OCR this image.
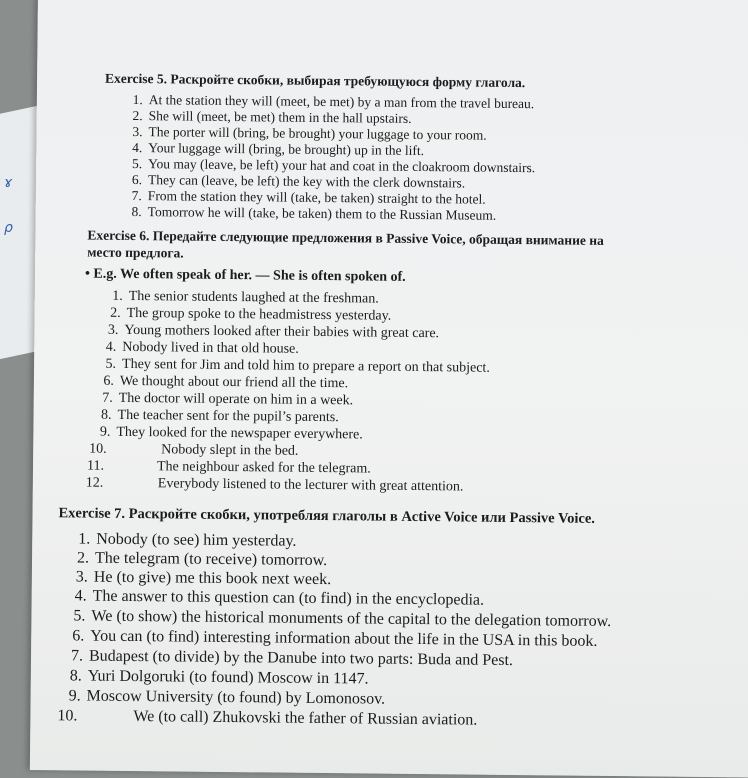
ɤ
ρ
Exercise 5. Раскройте скобки, выбирая требующуюся форму глагола.
1. At the station they will (meet, be met) by a man from the travel bureau.
2. She will (meet, be met) them in the hall upstairs.
3. The porter will (bring, be brought) your luggage to your room.
4. Your luggage will (bring, be brought) up in the lift.
5. You may (leave, be left) your hat and coat in the cloakroom downstairs.
6. They can (leave, be left) the key with the clerk downstairs.
7. From the station they will (take, be taken) straight to the hotel.
8. Tomorrow he will (take, be taken) them to the Russian Museum.
Exercise 6. Передайте следующие предложения в Passive Voice, обращая внимание на
место предлога.
• E.g. We often speak of her. — She is often spoken of.
1. The senior students laughed at the freshman.
2. The group spoke to the headmistress yesterday.
3. Young mothers looked after their babies with great care.
4. Nobody lived in that old house.
5. They sent for Jim and told him to prepare a report on that subject.
6. We thought about our friend all the time.
7. The doctor will operate on him in a week.
8. The teacher sent for the pupil’s parents.
9. They looked for the newspaper everywhere.
10.	Nobody slept in the bed.
11.	The neighbour asked for the telegram.
12.	Everybody listened to the lecturer with great attention.
Exercise 7. Раскройте скобки, употребляя глаголы в Active Voice или Passive Voice.
1. Nobody (to see) him yesterday.
2. The telegram (to receive) tomorrow.
3. He (to give) me this book next week.
4. The answer to this question can (to find) in the encyclopedia.
5. We (to show) the historical monuments of the capital to the delegation tomorrow.
6. You can (to find) interesting information about the life in the USA in this book.
7. Budapest (to divide) by the Danube into two parts: Buda and Pest.
8. Yuri Dolgoruki (to found) Moscow in 1147.
9. Moscow University (to found) by Lomonosov.
10.	We (to call) Zhukovski the father of Russian aviation.
